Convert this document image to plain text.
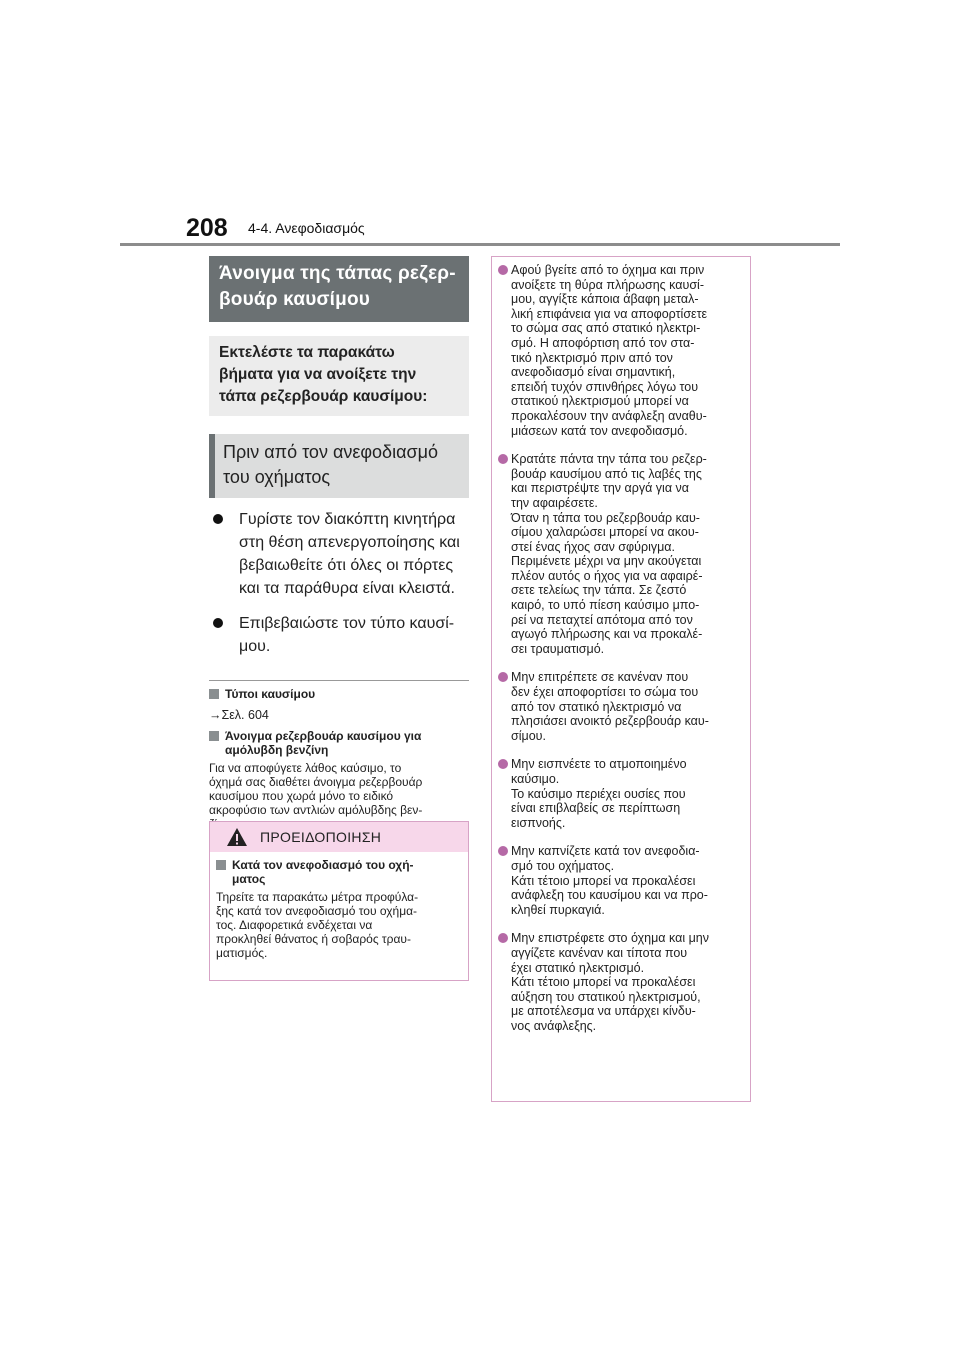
208 4-4. Ανεφοδιασμός
Άνοιγμα της τάπας ρεζερ-
βουάρ καυσίμου
Εκτελέστε τα παρακάτω
βήματα για να ανοίξετε την
τάπα ρεζερβουάρ καυσίμου:
Πριν από τον ανεφοδιασμό
του οχήματος
Γυρίστε τον διακόπτη κινητήρα
στη θέση απενεργοποίησης και
βεβαιωθείτε ότι όλες οι πόρτες
και τα παράθυρα είναι κλειστά.
Επιβεβαιώστε τον τύπο καυσί-
μου.
Τύποι καυσίμου
→Σελ. 604
Άνοιγμα ρεζερβουάρ καυσίμου για
αμόλυβδη βενζίνη
Για να αποφύγετε λάθος καύσιμο, το
όχημά σας διαθέτει άνοιγμα ρεζερβουάρ
καυσίμου που χωρά μόνο το ειδικό
ακροφύσιο των αντλιών αμόλυβδης βεν-
ΠΡΟΕΙΔΟΠΟΙΗΣΗ
Κατά τον ανεφοδιασμό του οχή-
ματος
Τηρείτε τα παρακάτω μέτρα προφύλα-
ξης κατά τον ανεφοδιασμό του οχήμα-
τος. Διαφορετικά ενδέχεται να
προκληθεί θάνατος ή σοβαρός τραυ-
ματισμός.
Αφού βγείτε από το όχημα και πριν
ανοίξετε τη θύρα πλήρωσης καυσί-
μου, αγγίξτε κάποια άβαφη μεταλ-
λική επιφάνεια για να αποφορτίσετε
το σώμα σας από στατικό ηλεκτρι-
σμό. Η αποφόρτιση από τον στα-
τικό ηλεκτρισμό πριν από τον
ανεφοδιασμό είναι σημαντική,
επειδή τυχόν σπινθήρες λόγω του
στατικού ηλεκτρισμού μπορεί να
προκαλέσουν την ανάφλεξη αναθυ-
μιάσεων κατά τον ανεφοδιασμό.
Κρατάτε πάντα την τάπα του ρεζερ-
βουάρ καυσίμου από τις λαβές της
και περιστρέψτε την αργά για να
την αφαιρέσετε.
Όταν η τάπα του ρεζερβουάρ καυ-
σίμου χαλαρώσει μπορεί να ακου-
στεί ένας ήχος σαν σφύριγμα.
Περιμένετε μέχρι να μην ακούγεται
πλέον αυτός ο ήχος για να αφαιρέ-
σετε τελείως την τάπα. Σε ζεστό
καιρό, το υπό πίεση καύσιμο μπο-
ρεί να πεταχτεί απότομα από τον
αγωγό πλήρωσης και να προκαλέ-
σει τραυματισμό.
Μην επιτρέπετε σε κανέναν που
δεν έχει αποφορτίσει το σώμα του
από τον στατικό ηλεκτρισμό να
πλησιάσει ανοικτό ρεζερβουάρ καυ-
σίμου.
Μην εισπνέετε το ατμοποιημένο
καύσιμο.
Το καύσιμο περιέχει ουσίες που
είναι επιβλαβείς σε περίπτωση
εισπνοής.
Μην καπνίζετε κατά τον ανεφοδια-
σμό του οχήματος.
Κάτι τέτοιο μπορεί να προκαλέσει
ανάφλεξη του καυσίμου και να προ-
κληθεί πυρκαγιά.
Μην επιστρέφετε στο όχημα και μην
αγγίζετε κανέναν και τίποτα που
έχει στατικό ηλεκτρισμό.
Κάτι τέτοιο μπορεί να προκαλέσει
αύξηση του στατικού ηλεκτρισμού,
με αποτέλεσμα να υπάρχει κίνδυ-
νος ανάφλεξης.
